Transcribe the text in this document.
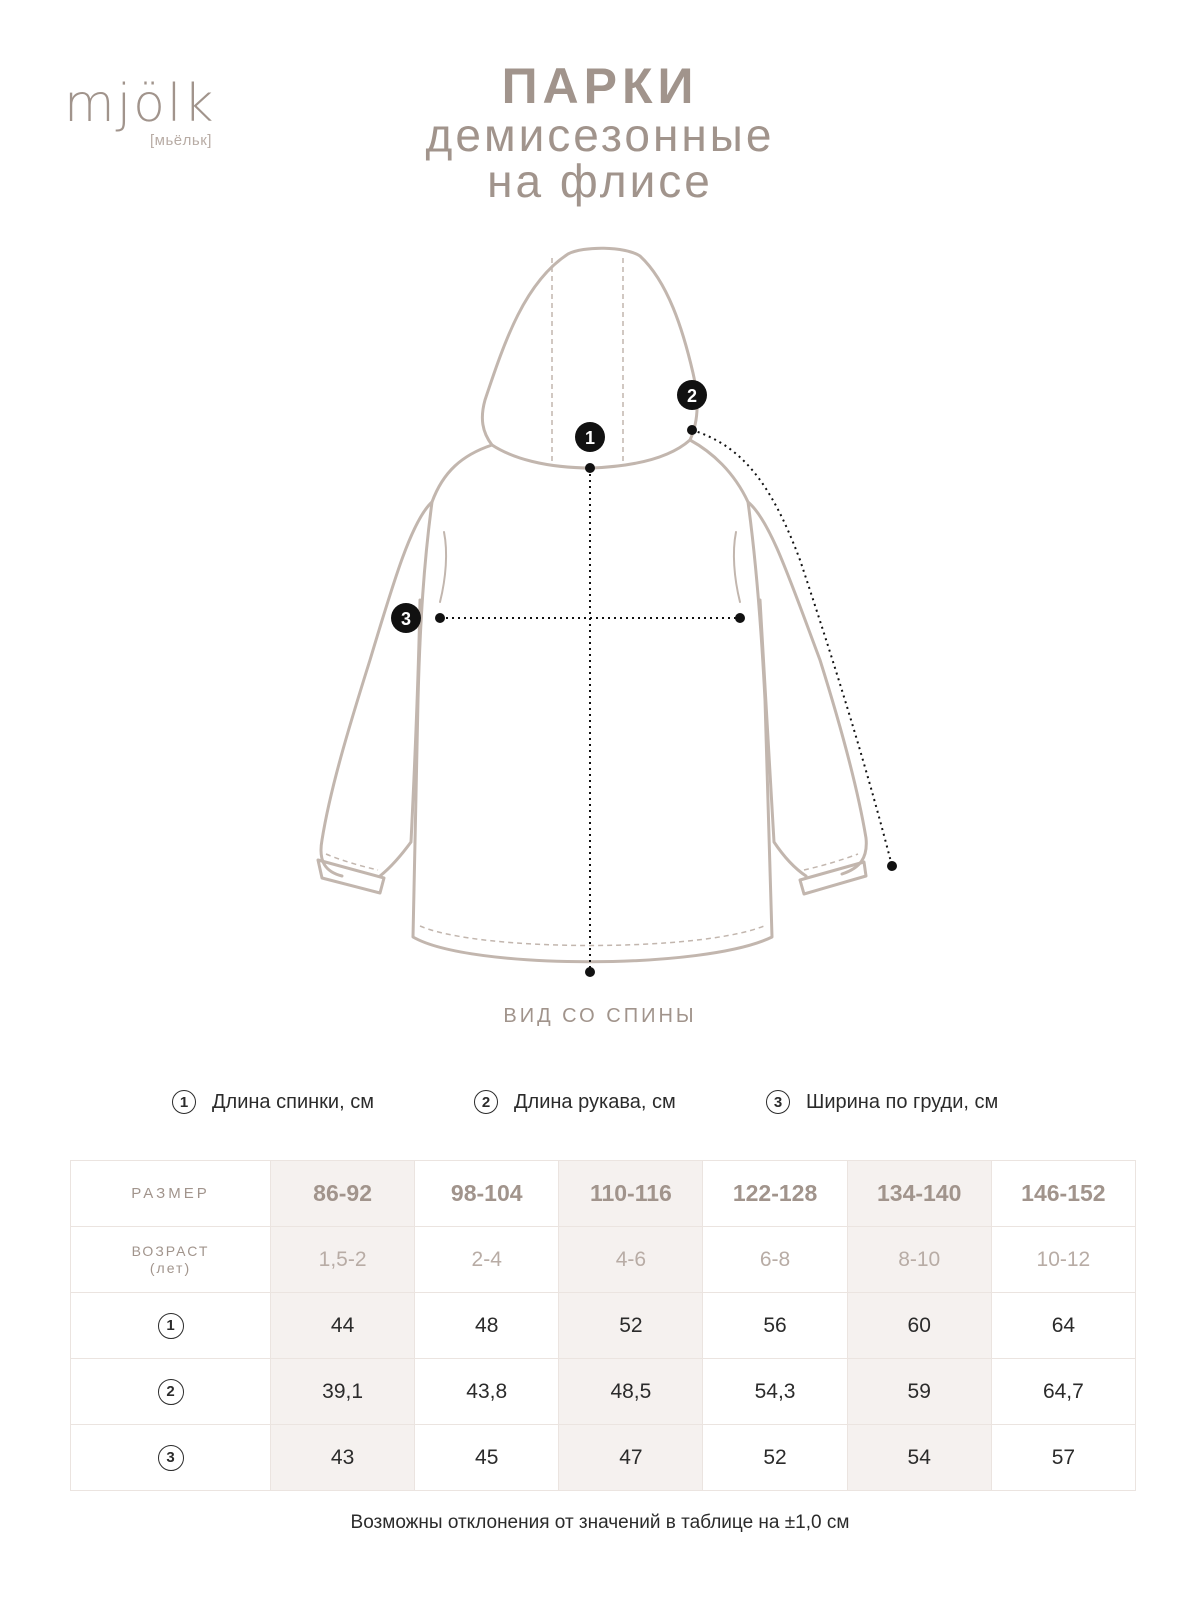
mjölk
[мьёльк]
ПАРКИ
демисезонные
на флисе
1
2
3
ВИД СО СПИНЫ
1	Длина спинки, см	2	Длина рукава, см	3	Ширина по груди, см
РАЗМЕР	86-92	98-104	110-116	122-128	134-140	146-152

ВОЗРАСТ
(лет)	1,5-2	2-4	4-6	6-8	8-10	10-12
1	44	48	52	56	60	64
2	39,1	43,8	48,5	54,3	59	64,7
3	43	45	47	52	54	57
Возможны отклонения от значений в таблице на ±1,0 см
